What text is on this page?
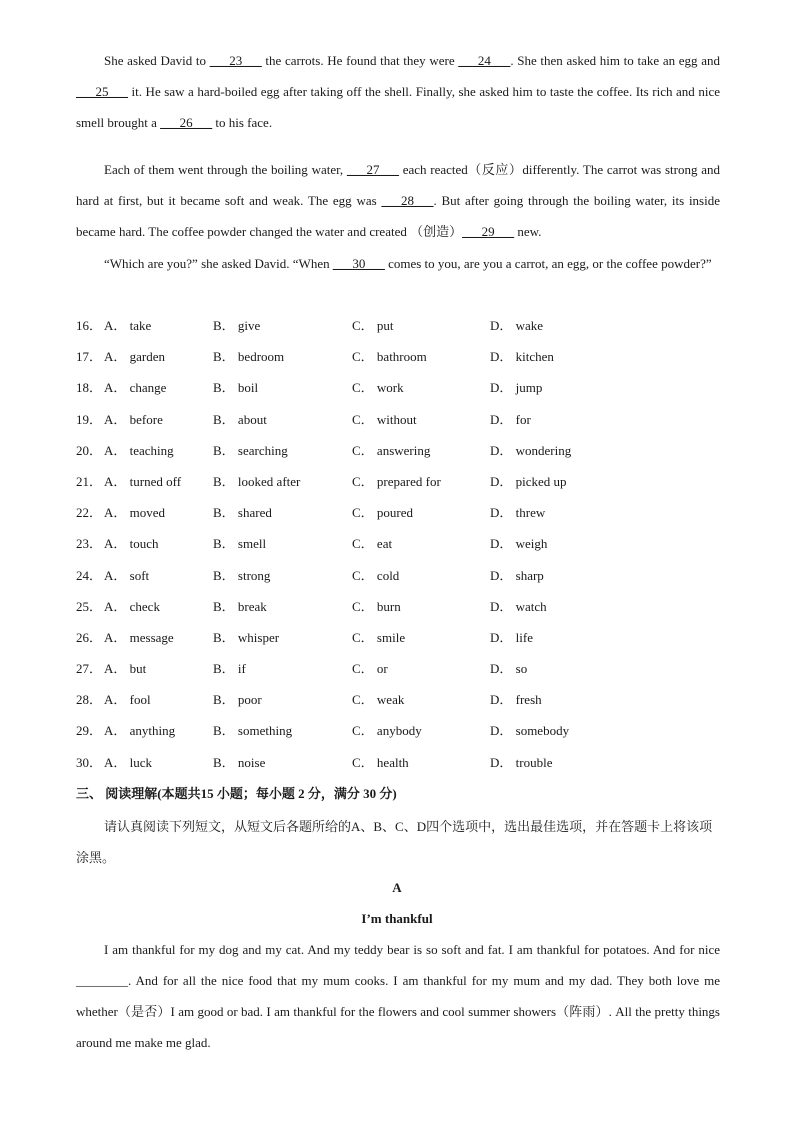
She asked David to ___23___ the carrots. He found that they were ___24___. She then asked him to take an egg and ___25___ it. He saw a hard-boiled egg after taking off the shell. Finally, she asked him to taste the coffee. Its rich and nice smell brought a ___26___ to his face.

Each of them went through the boiling water, ___27___ each reacted（反应）differently. The carrot was strong and hard at first, but it became soft and weak. The egg was ___28___. But after going through the boiling water, its inside became hard. The coffee powder changed the water and created （创造）___29___ new.

“Which are you?” she asked David. “When ___30___ comes to you, are you a carrot, an egg, or the coffee powder?”

16． A． take	B． give	C． put	D． wake
17． A． garden	B． bedroom	C． bathroom	D． kitchen
18． A． change	B． boil	C． work	D． jump
19． A． before	B． about	C． without	D． for
20． A． teaching	B． searching	C． answering	D． wondering
21． A． turned off B． looked after	C． prepared for	D． picked up
22． A． moved	B． shared	C． poured	D． threw
23． A． touch	B． smell	C． eat	D． weigh
24． A． soft	B． strong	C． cold	D． sharp
25． A． check	B． break	C． burn	D． watch
26． A． message	B． whisper	C． smile	D． life
27． A． but	B． if	C． or	D． so
28． A． fool	B． poor	C． weak	D． fresh
29． A． anything	B． something	C． anybody	D． somebody
30． A． luck	B． noise	C． health	D． trouble
三、 阅读理解(本题共15 小题；每小题 2 分，满分 30 分)

请认真阅读下列短文，从短文后各题所给的A、B、C、D四个选项中，选出最佳选项，并在答题卡上将该项涂黑。

A
I’m thankful

I am thankful for my dog and my cat. And my teddy bear is so soft and fat. I am thankful for potatoes. And for nice ________. And for all the nice food that my mum cooks. I am thankful for my mum and my dad. They both love me whether（是否）I am good or bad. I am thankful for the flowers and cool summer showers（阵雨）. All the pretty things around me make me glad.
